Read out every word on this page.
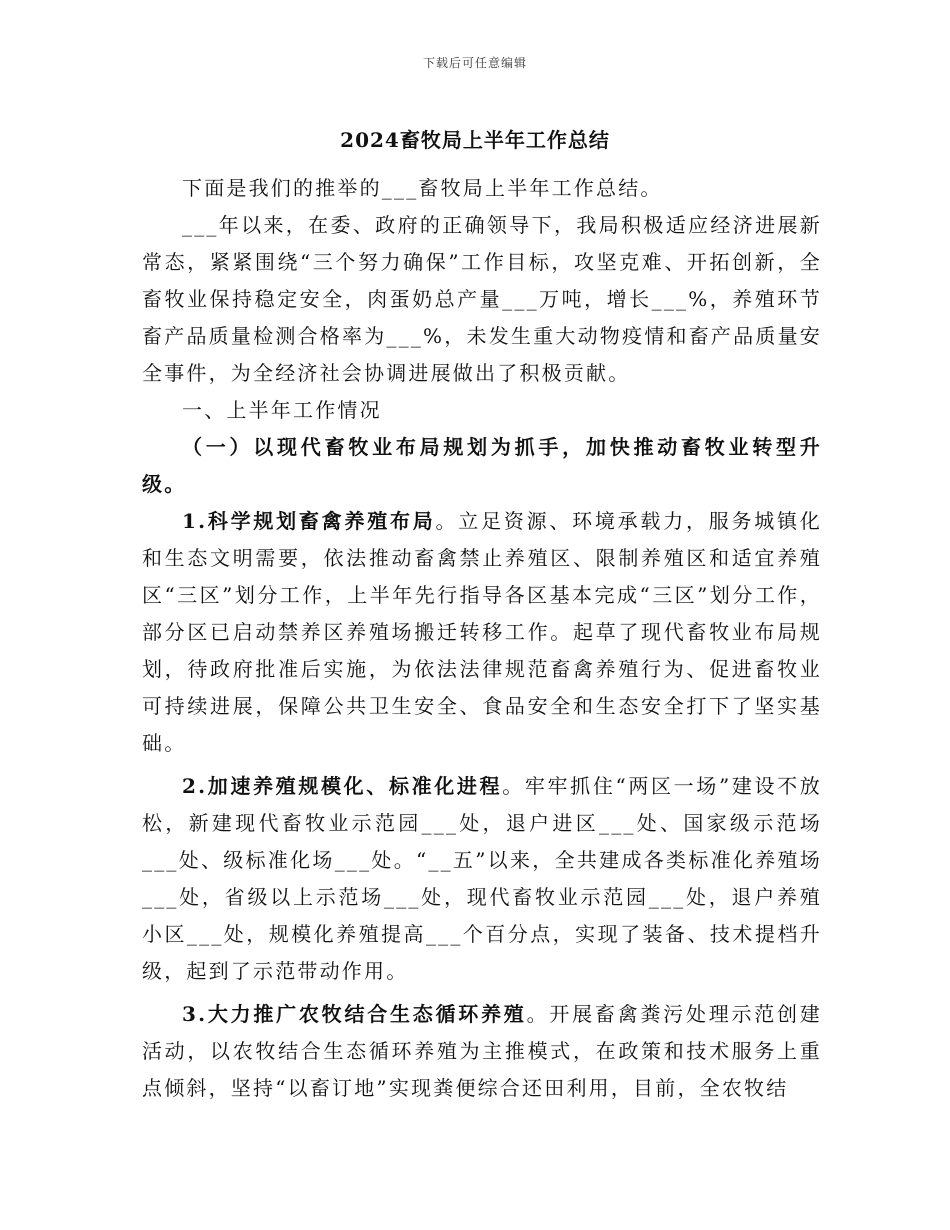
下载后可任意编辑
2024畜牧局上半年工作总结

下面是我们的推举的___畜牧局上半年工作总结。

___年以来，在委、政府的正确领导下，我局积极适应经济进展新常态，紧紧围绕“三个努力确保”工作目标，攻坚克难、开拓创新，全畜牧业保持稳定安全，肉蛋奶总产量___万吨，增长___%，养殖环节畜产品质量检测合格率为___%，未发生重大动物疫情和畜产品质量安全事件，为全经济社会协调进展做出了积极贡献。

一、上半年工作情况

（一）以现代畜牧业布局规划为抓手，加快推动畜牧业转型升级。

1.科学规划畜禽养殖布局。立足资源、环境承载力，服务城镇化和生态文明需要，依法推动畜禽禁止养殖区、限制养殖区和适宜养殖区“三区”划分工作，上半年先行指导各区基本完成“三区”划分工作，部分区已启动禁养区养殖场搬迁转移工作。起草了现代畜牧业布局规划，待政府批准后实施，为依法法律规范畜禽养殖行为、促进畜牧业可持续进展，保障公共卫生安全、食品安全和生态安全打下了坚实基础。

2.加速养殖规模化、标准化进程。牢牢抓住“两区一场”建设不放松，新建现代畜牧业示范园___处，退户进区___处、国家级示范场___处、级标准化场___处。“__五”以来，全共建成各类标准化养殖场___处，省级以上示范场___处，现代畜牧业示范园___处，退户养殖小区___处，规模化养殖提高___个百分点，实现了装备、技术提档升级，起到了示范带动作用。

3.大力推广农牧结合生态循环养殖。开展畜禽粪污处理示范创建活动，以农牧结合生态循环养殖为主推模式，在政策和技术服务上重点倾斜，坚持“以畜订地”实现粪便综合还田利用，目前，全农牧结
